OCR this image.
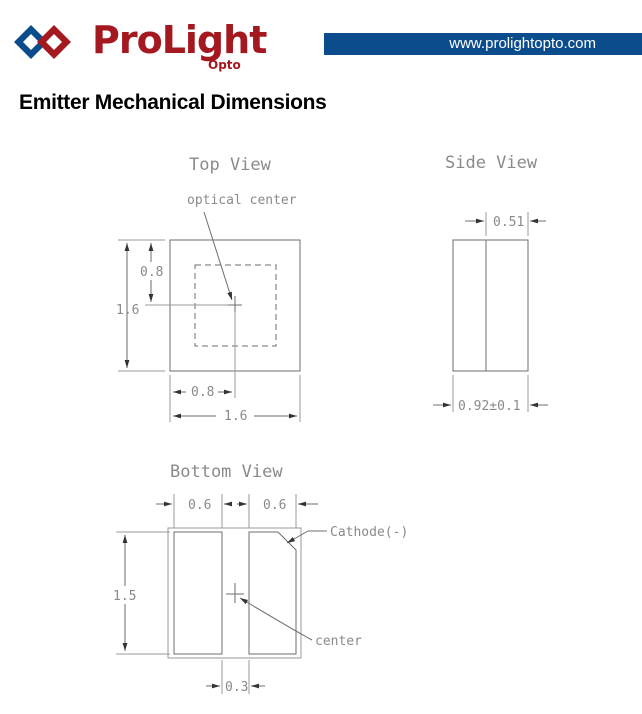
ProLight
Opto
www.prolightopto.com
Emitter Mechanical Dimensions
Top View
optical center
1.6
0.8
0.8
1.6
Side View
0.51
0.92±0.1
Bottom View
0.6	0.6
Cathode(-)
1.5
center
0.3
